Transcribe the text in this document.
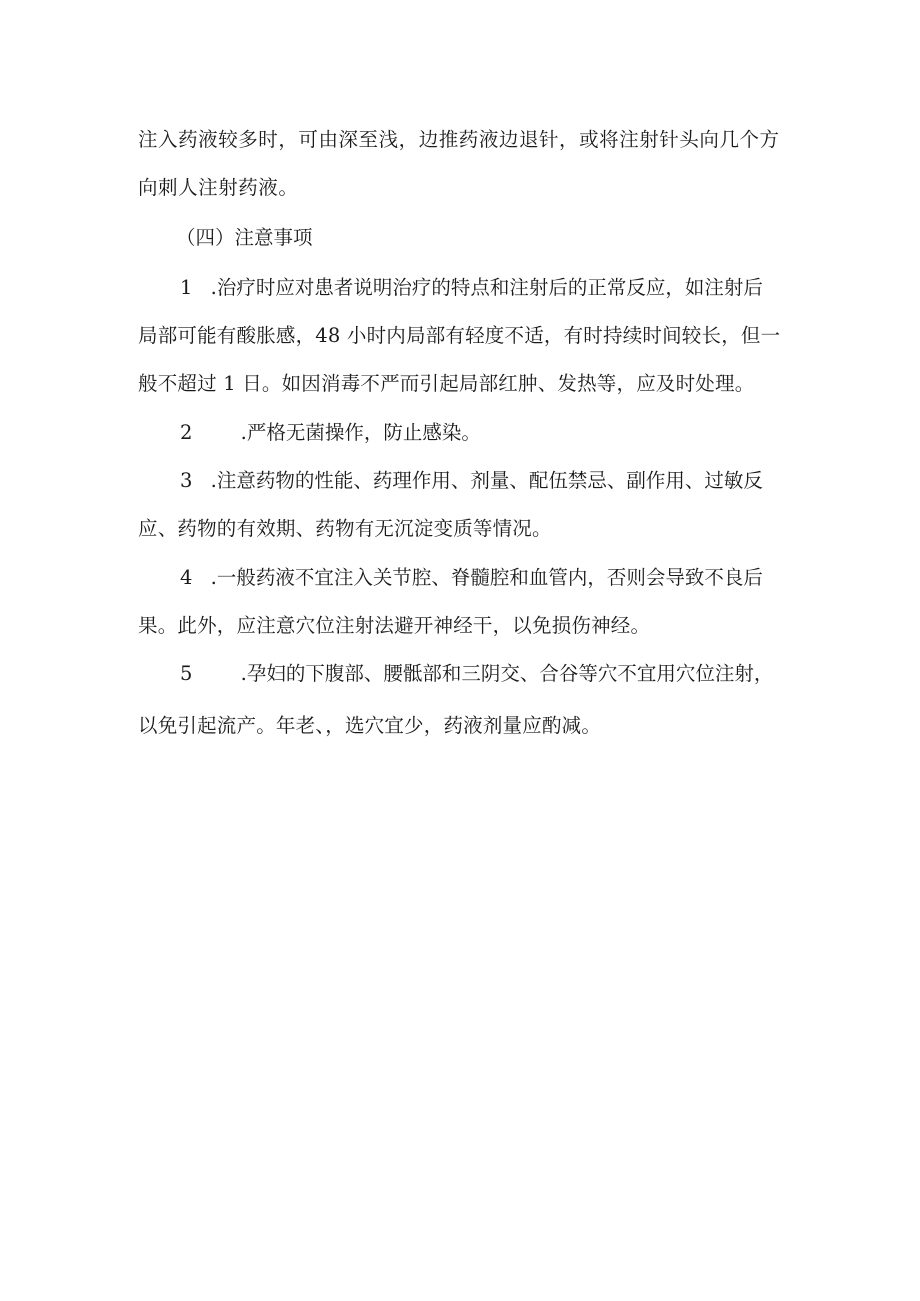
注入药液较多时，可由深至浅，边推药液边退针，或将注射针头向几个方
向刺人注射药液。
（四）注意事项
1 .治疗时应对患者说明治疗的特点和注射后的正常反应，如注射后
局部可能有酸胀感，48 小时内局部有轻度不适，有时持续时间较长，但一
般不超过 1 日。如因消毒不严而引起局部红肿、发热等，应及时处理。
2 .严格无菌操作，防止感染。
3 .注意药物的性能、药理作用、剂量、配伍禁忌、副作用、过敏反
应、药物的有效期、药物有无沉淀变质等情况。
4 .一般药液不宜注入关节腔、脊髓腔和血管内，否则会导致不良后
果。此外，应注意穴位注射法避开神经干，以免损伤神经。
5 .孕妇的下腹部、腰骶部和三阴交、合谷等穴不宜用穴位注射，
以免引起流产。年老、，选穴宜少，药液剂量应酌减。
